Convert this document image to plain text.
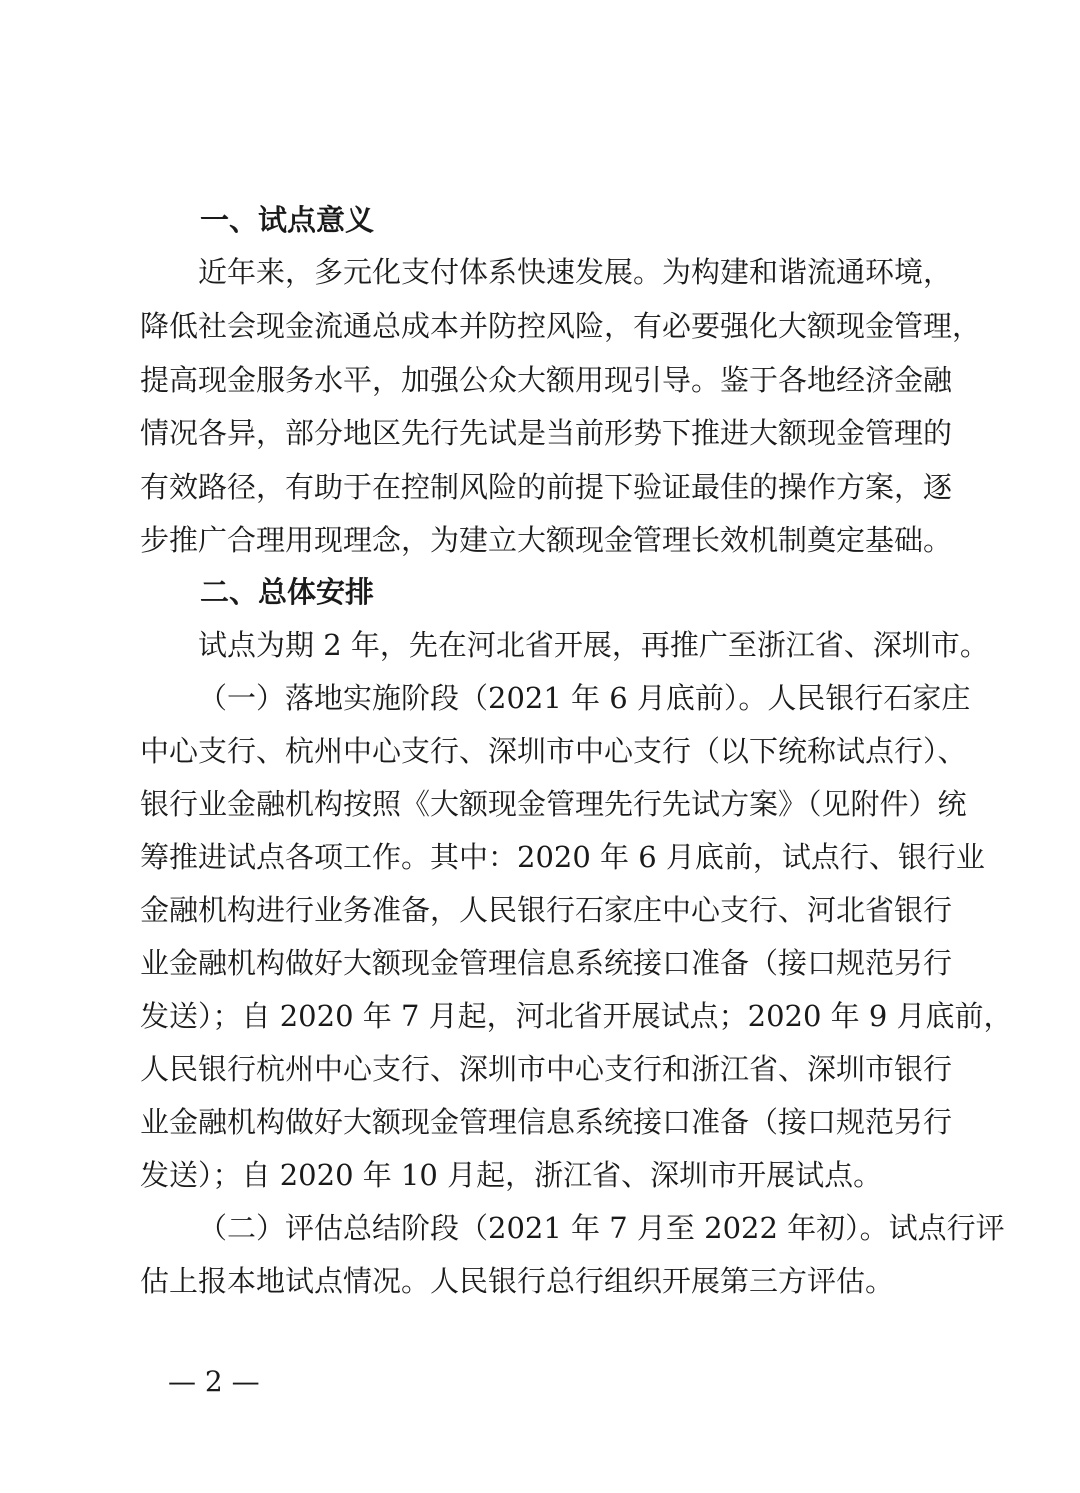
一、试点意义
近年来，多元化支付体系快速发展。为构建和谐流通环境，
降低社会现金流通总成本并防控风险，有必要强化大额现金管理，
提高现金服务水平，加强公众大额用现引导。鉴于各地经济金融
情况各异，部分地区先行先试是当前形势下推进大额现金管理的
有效路径，有助于在控制风险的前提下验证最佳的操作方案，逐
步推广合理用现理念，为建立大额现金管理长效机制奠定基础。
二、总体安排
试点为期 2 年，先在河北省开展，再推广至浙江省、深圳市。
（一）落地实施阶段（2021 年 6 月底前）。人民银行石家庄
中心支行、杭州中心支行、深圳市中心支行（以下统称试点行）、
银行业金融机构按照《大额现金管理先行先试方案》（见附件）统
筹推进试点各项工作。其中：2020 年 6 月底前，试点行、银行业
金融机构进行业务准备，人民银行石家庄中心支行、河北省银行
业金融机构做好大额现金管理信息系统接口准备（接口规范另行
发送）；自 2020 年 7 月起，河北省开展试点；2020 年 9 月底前，
人民银行杭州中心支行、深圳市中心支行和浙江省、深圳市银行
业金融机构做好大额现金管理信息系统接口准备（接口规范另行
发送）；自 2020 年 10 月起，浙江省、深圳市开展试点。
（二）评估总结阶段（2021 年 7 月至 2022 年初）。试点行评
估上报本地试点情况。人民银行总行组织开展第三方评估。
— 2 —
